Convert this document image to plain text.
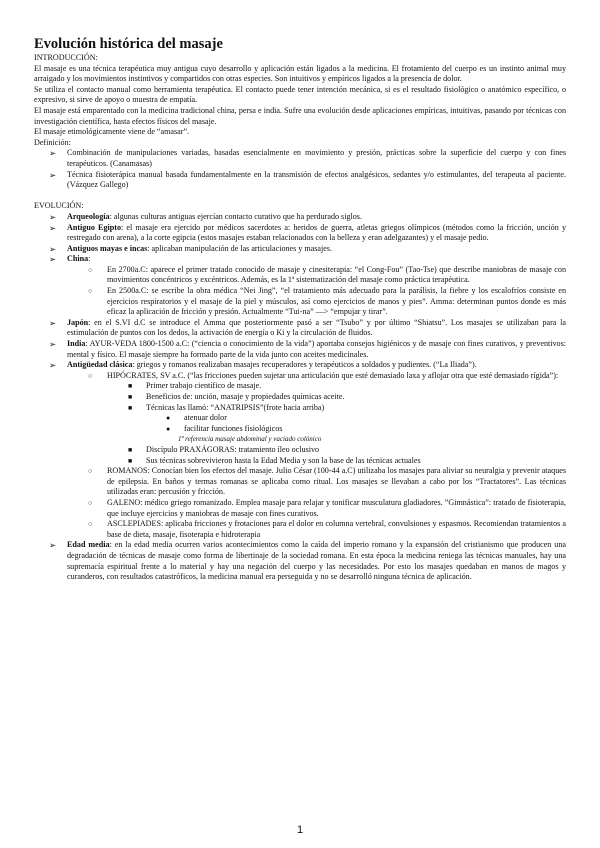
Evolución histórica del masaje

INTRODUCCIÓN:

El masaje es una técnica terapéutica muy antigua cuyo desarrollo y aplicación están ligados a la medicina. El frotamiento del cuerpo es un instinto animal muy arraigado y los movimientos instintivos y compartidos con otras especies. Son intuitivos y empíricos ligados a la presencia de dolor.

Se utiliza el contacto manual como herramienta terapéutica. El contacto puede tener intención mecánica, si es el resultado fisiológico o anatómico específico, o expresivo, si sirve de apoyo o muestra de empatía.

El masaje está emparentado con la medicina tradicional china, persa e india. Sufre una evolución desde aplicaciones empíricas, intuitivas, pasando por técnicas con investigación científica, hasta efectos físicos del masaje.

El masaje etimológicamente viene de “amasar”.

Definición:

➢ Combinación de manipulaciones variadas, basadas esencialmente en movimiento y presión, prácticas sobre la superficie del cuerpo y con fines terapéuticos. (Canamasas)
➢ Técnica fisioterápica manual basada fundamentalmente en la transmisión de efectos analgésicos, sedantes y/o estimulantes, del terapeuta al paciente. (Vázquez Gallego)

EVOLUCIÓN:

➢ Arqueología: algunas culturas antiguas ejercían contacto curativo que ha perdurado siglos.
➢ Antiguo Egipto: el masaje era ejercido por médicos sacerdotes a: heridos de guerra, atletas griegos olímpicos (métodos como la fricción, unción y restregado con arena), a la corte egipcia (estos masajes estaban relacionados con la belleza y eran adelgazantes) y el masaje pedio.
➢ Antiguos mayas e incas: aplicaban manipulación de las articulaciones y masajes.
➢ China:
○ En 2700a.C: aparece el primer tratado conocido de masaje y cinesiterapia: “el Cong-Fou” (Tao-Tse) que describe maniobras de masaje con movimientos concéntricos y excéntricos. Además, es la 1ª sistematización del masaje como práctica terapéutica.
○ En 2500a.C: se escribe la obra médica “Nei Jing”, “el tratamiento más adecuado para la parálisis, la fiebre y los escalofríos consiste en ejercicios respiratorios y el masaje de la piel y músculos, así como ejercicios de manos y pies”. Amma: determinan puntos donde es más eficaz la aplicación de fricción y presión. Actualmente “Tui-na” —> “empujar y tirar”.
➢ Japón: en el S.VI d.C se introduce el Amma que posteriormente pasó a ser “Tsubo” y por último “Shiatsu”. Los masajes se utilizaban para la estimulación de puntos con los dedos, la activación de energía o Ki y la circulación de fluidos.
➢ India: AYUR-VEDA 1800-1500 a.C: (“ciencia o conocimiento de la vida”) aportaba consejos higiénicos y de masaje con fines curativos, y preventivos: mental y físico. El masaje siempre ha formado parte de la vida junto con aceites medicinales.
➢ Antigüedad clásica: griegos y romanos realizaban masajes recuperadores y terapéuticos a soldados y pudientes. (“La Iliada”).
○ HIPÓCRATES, SV a.C. (“las fricciones pueden sujetar una articulación que esté demasiado laxa y aflojar otra que esté demasiado rígida”):
■ Primer trabajo científico de masaje.
■ Beneficios de: unción, masaje y propiedades químicas aceite.
■ Técnicas las llamó: “ANATRIPSIS”(frote hacia arriba)
● atenuar dolor
● facilitar funciones fisiológicos

1ª referencia masaje abdominal y vaciado colónico

■ Discípulo PRAXÁGORAS: tratamiento íleo oclusivo
■ Sus técnicas sobrevivieron hasta la Edad Media y son la base de las técnicas actuales
○ ROMANOS: Conocían bien los efectos del masaje. Julio César (100-44 a.C) utilizaba los masajes para aliviar su neuralgia y prevenir ataques de epilepsia. En baños y termas romanas se aplicaba como ritual. Los masajes se llevaban a cabo por los “Tractatores”. Las técnicas utilizadas eran: percusión y fricción.
○ GALENO: médico griego romanizado. Emplea masaje para relajar y tonificar musculatura gladiadores. ”Gimnástica”: tratado de fisioterapia, que incluye ejercicios y maniobras de masaje con fines curativos.
○ ASCLEPIADES: aplicaba fricciones y frotaciones para el dolor en columna vertebral, convulsiones y espasmos. Recomiendan tratamientos a base de dieta, masaje, fisoterapia e hidroterapia
➢ Edad media: en la edad media ocurren varios acontecimientos como la caída del imperio romano y la expansión del cristianismo que producen una degradación de técnicas de masaje como forma de libertinaje de la sociedad romana. En esta época la medicina reniega las técnicas manuales, hay una supremacía espiritual frente a lo material y hay una negación del cuerpo y las necesidades. Por esto los masajes quedaban en manos de magos y curanderos, con resultados catastróficos, la medicina manual era perseguida y no se desarrolló ninguna técnica de aplicación.
1
